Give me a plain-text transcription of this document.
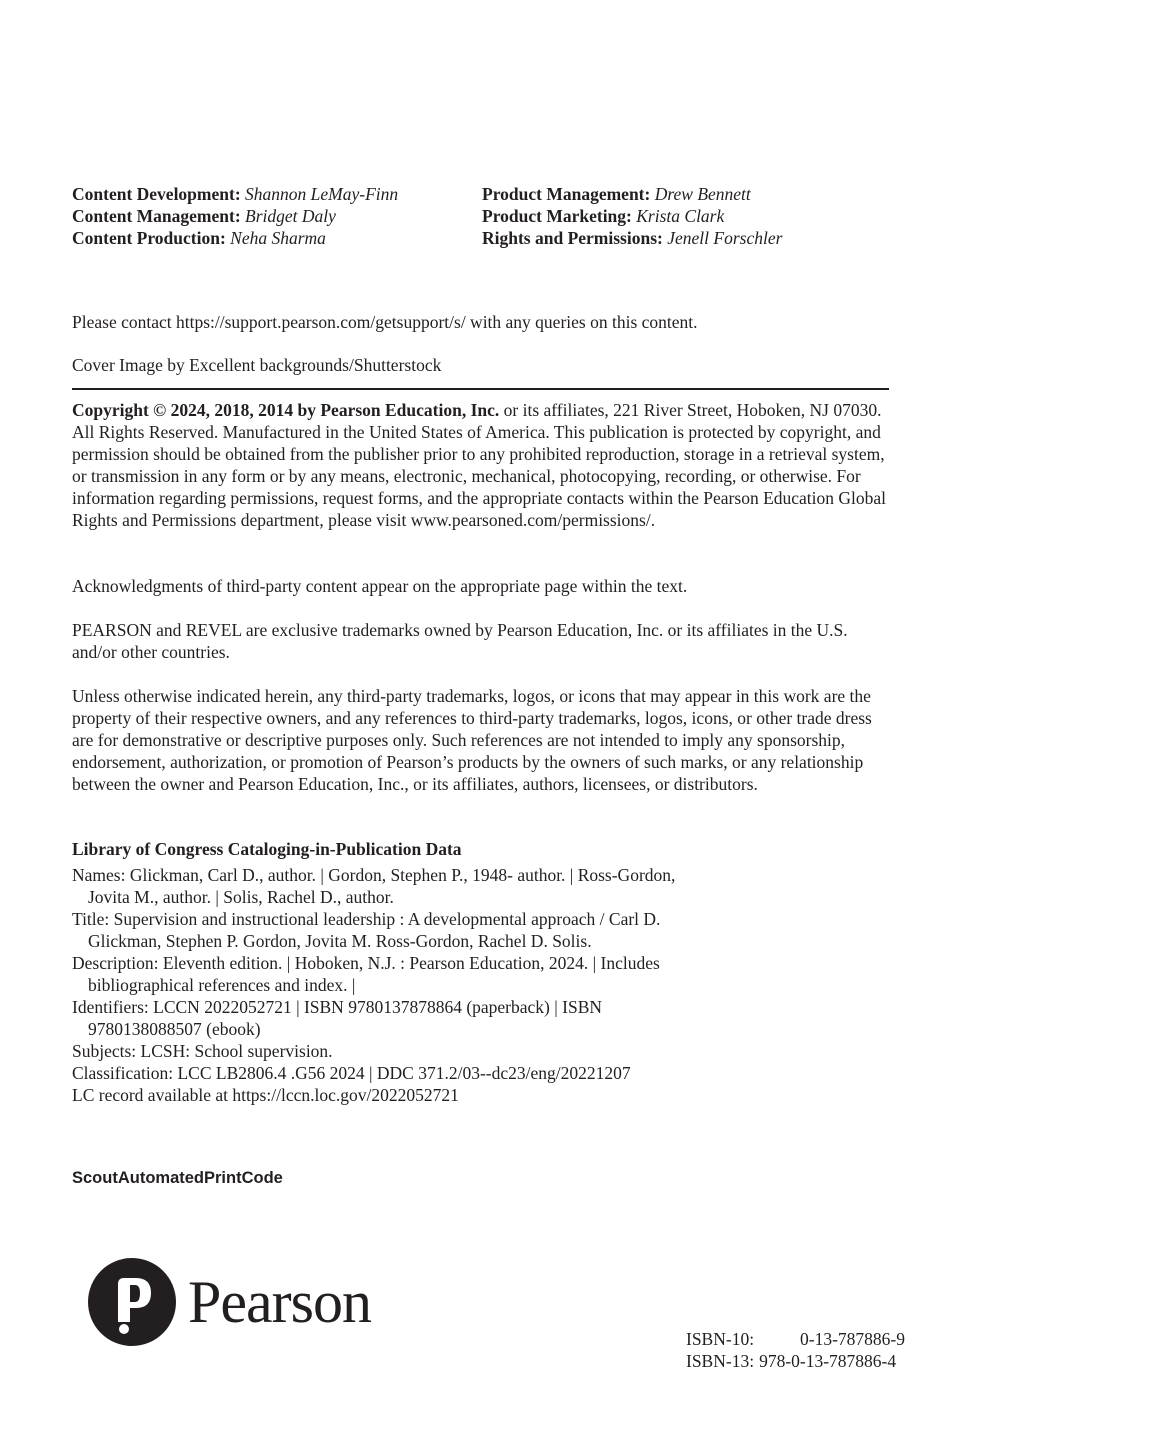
Content Development: Shannon LeMay-Finn
Content Management: Bridget Daly
Content Production: Neha Sharma
Product Management: Drew Bennett
Product Marketing: Krista Clark
Rights and Permissions: Jenell Forschler

Please contact https://support.pearson.com/getsupport/s/ with any queries on this content.

Cover Image by Excellent backgrounds/Shutterstock

Copyright © 2024, 2018, 2014 by Pearson Education, Inc. or its affiliates, 221 River Street, Hoboken, NJ 07030. All Rights Reserved. Manufactured in the United States of America. This publication is protected by copyright, and permission should be obtained from the publisher prior to any prohibited reproduction, storage in a retrieval system, or transmission in any form or by any means, electronic, mechanical, photocopying, recording, or otherwise. For information regarding permissions, request forms, and the appropriate contacts within the Pearson Education Global Rights and Permissions department, please visit www.pearsoned.com/permissions/.

Acknowledgments of third-party content appear on the appropriate page within the text.

PEARSON and REVEL are exclusive trademarks owned by Pearson Education, Inc. or its affiliates in the U.S. and/or other countries.

Unless otherwise indicated herein, any third-party trademarks, logos, or icons that may appear in this work are the property of their respective owners, and any references to third-party trademarks, logos, icons, or other trade dress are for demonstrative or descriptive purposes only. Such references are not intended to imply any sponsorship, endorsement, authorization, or promotion of Pearson’s products by the owners of such marks, or any relationship between the owner and Pearson Education, Inc., or its affiliates, authors, licensees, or distributors.

Library of Congress Cataloging-in-Publication Data

Names: Glickman, Carl D., author. | Gordon, Stephen P., 1948- author. | Ross-Gordon, Jovita M., author. | Solis, Rachel D., author.

Title: Supervision and instructional leadership : A developmental approach / Carl D. Glickman, Stephen P. Gordon, Jovita M. Ross-Gordon, Rachel D. Solis.

Description: Eleventh edition. | Hoboken, N.J. : Pearson Education, 2024. | Includes bibliographical references and index. |

Identifiers: LCCN 2022052721 | ISBN 9780137878864 (paperback) | ISBN 9780138088507 (ebook)

Subjects: LCSH: School supervision.

Classification: LCC LB2806.4 .G56 2024 | DDC 371.2/03--dc23/eng/20221207

LC record available at https://lccn.loc.gov/2022052721

ScoutAutomatedPrintCode
Pearson
ISBN-10:	0-13-787886-9
ISBN-13: 978-0-13-787886-4
